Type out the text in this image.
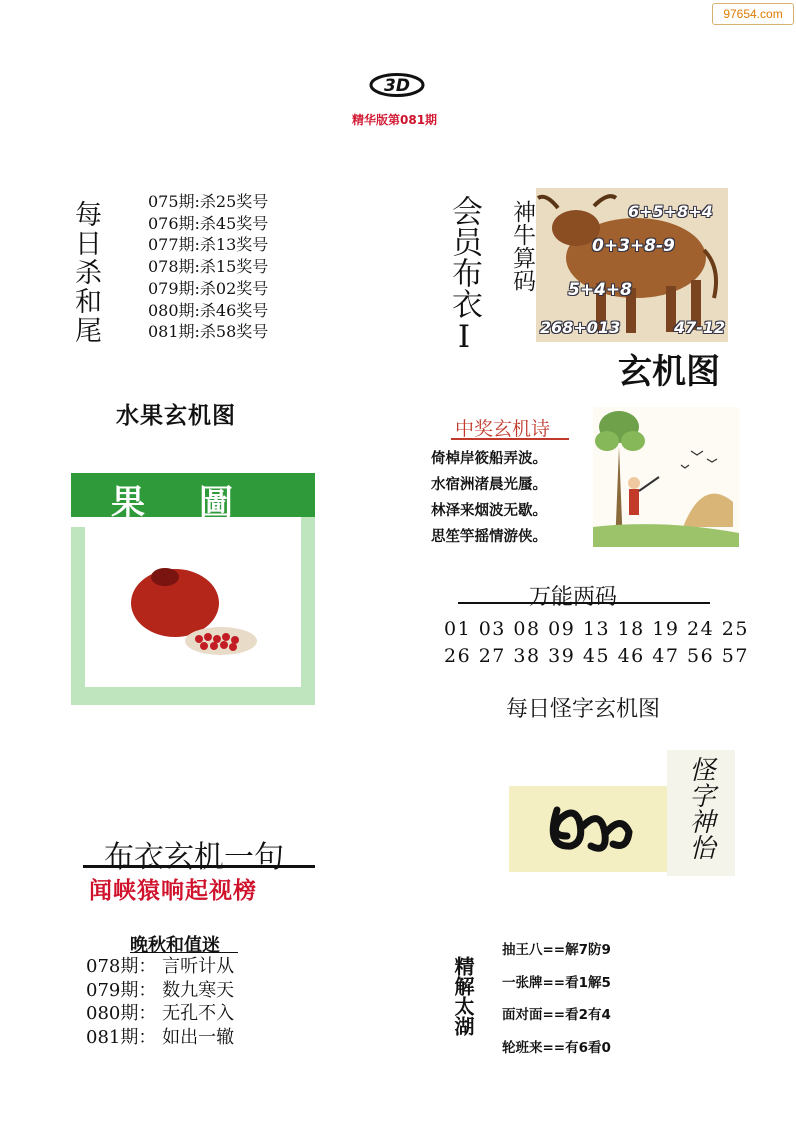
97654.com
3D
精华版第081期
每日杀和尾	075期:杀25奖号
076期:杀45奖号
077期:杀13奖号
078期:杀15奖号
079期:杀02奖号
080期:杀46奖号
081期:杀58奖号	会员布衣Ⅰ 神牛算码	6+5+8+4
0+3+8-9
5+4+8
268+013	47-12
玄机图
水果玄机图
果圖
中奖玄机诗
倚棹岸筱船弄波。
水宿洲渚晨光蜃。
林泽来烟波无歇。
思笙竽摇情游侠。
万能两码
01 03 08 09 13 18 19 24 25
26 27 38 39 45 46 47 56 57
每日怪字玄机图
怪字神怡
布衣玄机一句
闻峡猿响起视榜
晚秋和值迷
078期： 言听计从
079期： 数九寒天
080期： 无孔不入
081期： 如出一辙
精解太湖
抽王八==解7防9
一张牌==看1解5
面对面==看2有4
轮班来==有6看0
